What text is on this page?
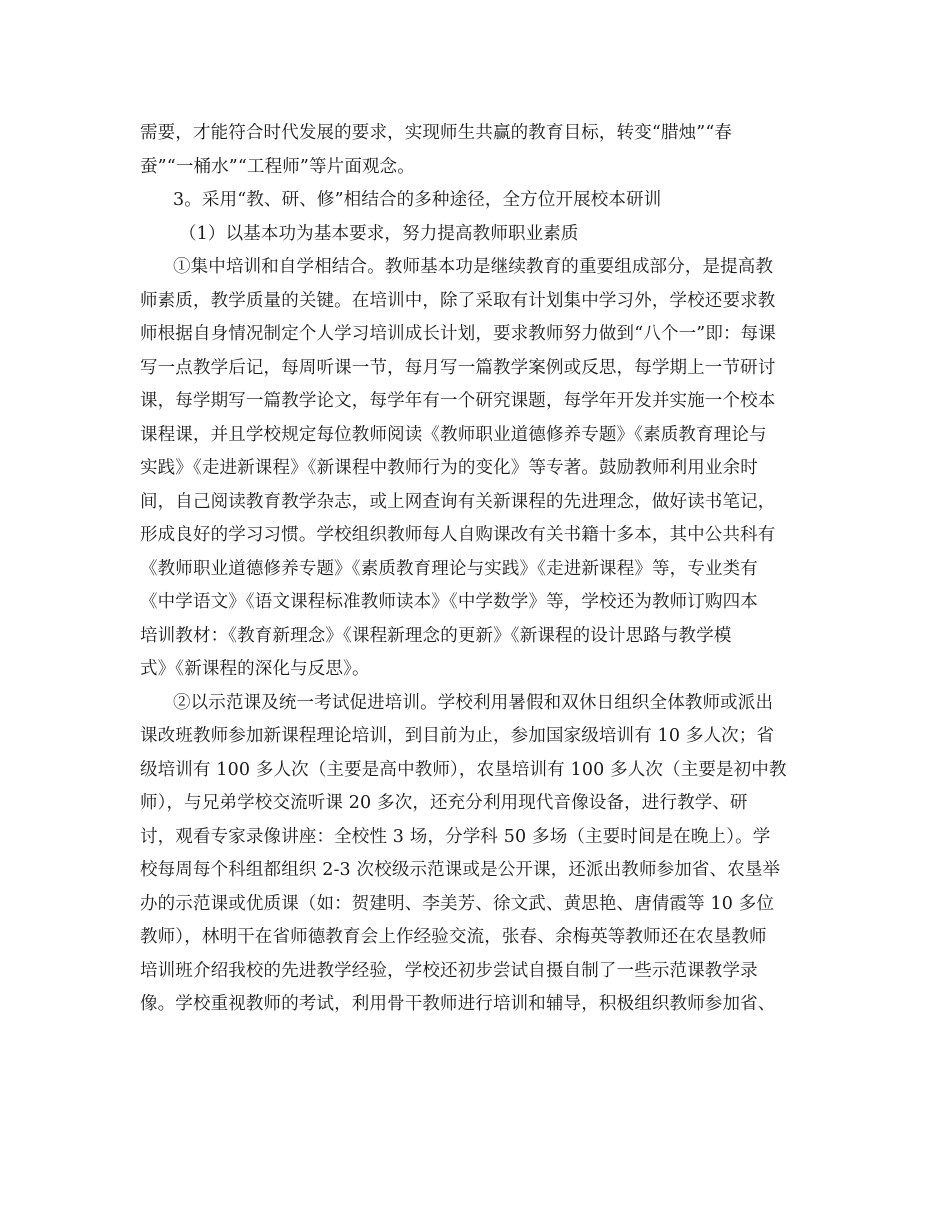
需要，才能符合时代发展的要求，实现师生共赢的教育目标，转变“腊烛”“春
蚕”“一桶水”“工程师”等片面观念。
3。采用“教、研、修”相结合的多种途径，全方位开展校本研训
（1）以基本功为基本要求，努力提高教师职业素质
①集中培训和自学相结合。教师基本功是继续教育的重要组成部分，是提高教
师素质，教学质量的关键。在培训中，除了采取有计划集中学习外，学校还要求教
师根据自身情况制定个人学习培训成长计划，要求教师努力做到“八个一”即：每课
写一点教学后记，每周听课一节，每月写一篇教学案例或反思，每学期上一节研讨
课，每学期写一篇教学论文，每学年有一个研究课题，每学年开发并实施一个校本
课程课，并且学校规定每位教师阅读《教师职业道德修养专题》《素质教育理论与
实践》《走进新课程》《新课程中教师行为的变化》等专著。鼓励教师利用业余时
间，自己阅读教育教学杂志，或上网查询有关新课程的先进理念，做好读书笔记，
形成良好的学习习惯。学校组织教师每人自购课改有关书籍十多本，其中公共科有
《教师职业道德修养专题》《素质教育理论与实践》《走进新课程》等，专业类有
《中学语文》《语文课程标准教师读本》《中学数学》等，学校还为教师订购四本
培训教材：《教育新理念》《课程新理念的更新》《新课程的设计思路与教学模
式》《新课程的深化与反思》。
②以示范课及统一考试促进培训。学校利用暑假和双休日组织全体教师或派出
课改班教师参加新课程理论培训，到目前为止，参加国家级培训有 10 多人次；省
级培训有 100 多人次（主要是高中教师），农垦培训有 100 多人次（主要是初中教
师），与兄弟学校交流听课 20 多次，还充分利用现代音像设备，进行教学、研
讨，观看专家录像讲座：全校性 3 场，分学科 50 多场（主要时间是在晚上）。学
校每周每个科组都组织 2-3 次校级示范课或是公开课，还派出教师参加省、农垦举
办的示范课或优质课（如：贺建明、李美芳、徐文武、黄思艳、唐倩霞等 10 多位
教师），林明干在省师德教育会上作经验交流，张春、余梅英等教师还在农垦教师
培训班介绍我校的先进教学经验，学校还初步尝试自摄自制了一些示范课教学录
像。学校重视教师的考试，利用骨干教师进行培训和辅导，积极组织教师参加省、
